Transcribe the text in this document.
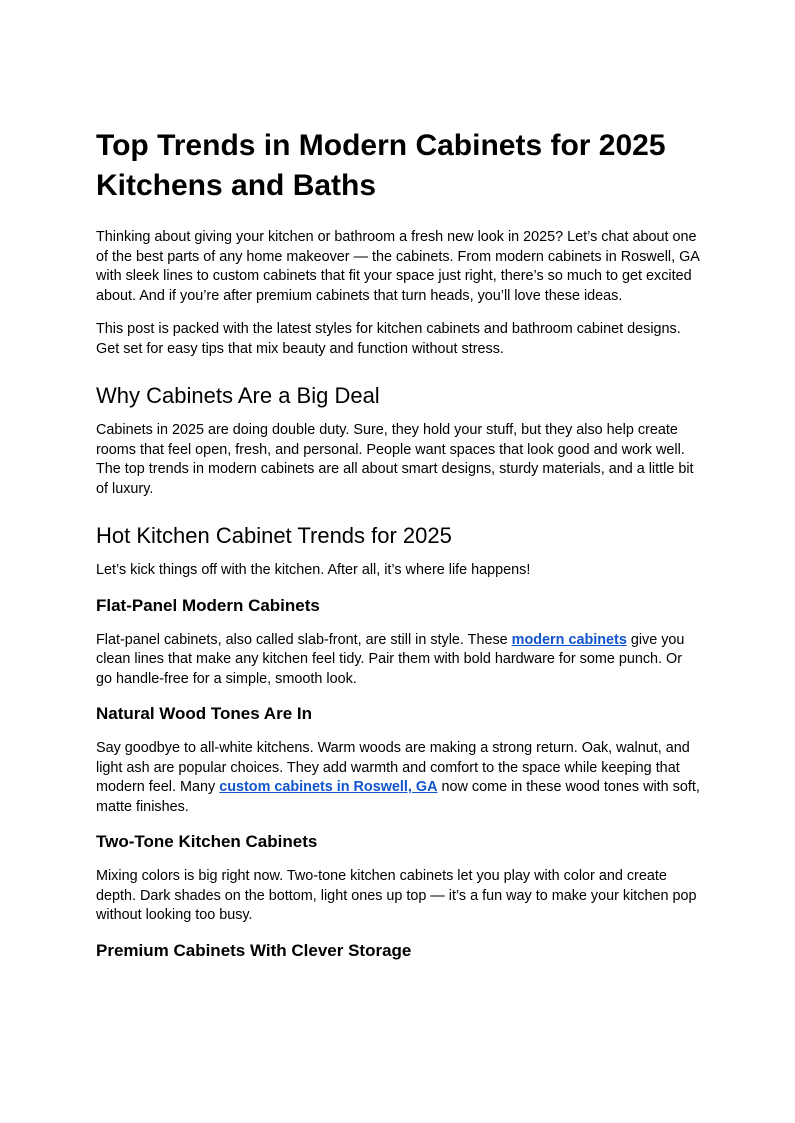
Top Trends in Modern Cabinets for 2025 Kitchens and Baths

Thinking about giving your kitchen or bathroom a fresh new look in 2025? Let’s chat about one of the best parts of any home makeover — the cabinets. From modern cabinets in Roswell, GA with sleek lines to custom cabinets that fit your space just right, there’s so much to get excited about. And if you’re after premium cabinets that turn heads, you’ll love these ideas.

This post is packed with the latest styles for kitchen cabinets and bathroom cabinet designs. Get set for easy tips that mix beauty and function without stress.

Why Cabinets Are a Big Deal

Cabinets in 2025 are doing double duty. Sure, they hold your stuff, but they also help create rooms that feel open, fresh, and personal. People want spaces that look good and work well. The top trends in modern cabinets are all about smart designs, sturdy materials, and a little bit of luxury.

Hot Kitchen Cabinet Trends for 2025

Let’s kick things off with the kitchen. After all, it’s where life happens!

Flat-Panel Modern Cabinets

Flat-panel cabinets, also called slab-front, are still in style. These modern cabinets give you clean lines that make any kitchen feel tidy. Pair them with bold hardware for some punch. Or go handle-free for a simple, smooth look.

Natural Wood Tones Are In

Say goodbye to all-white kitchens. Warm woods are making a strong return. Oak, walnut, and light ash are popular choices. They add warmth and comfort to the space while keeping that modern feel. Many custom cabinets in Roswell, GA now come in these wood tones with soft, matte finishes.

Two-Tone Kitchen Cabinets

Mixing colors is big right now. Two-tone kitchen cabinets let you play with color and create depth. Dark shades on the bottom, light ones up top — it’s a fun way to make your kitchen pop without looking too busy.

Premium Cabinets With Clever Storage
